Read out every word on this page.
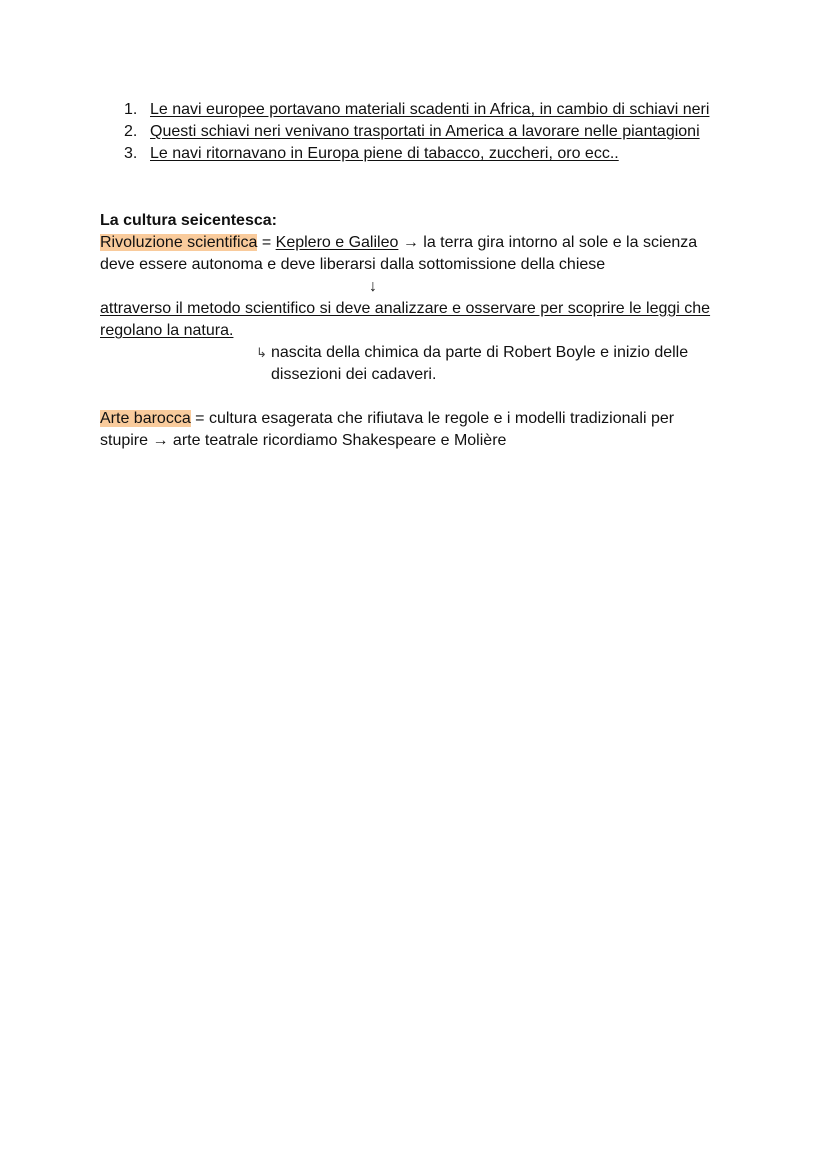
1. Le navi europee portavano materiali scadenti in Africa, in cambio di schiavi neri
2. Questi schiavi neri venivano trasportati in America a lavorare nelle piantagioni
3. Le navi ritornavano in Europa piene di tabacco, zuccheri, oro ecc..
La cultura seicentesca:
Rivoluzione scientifica = Keplero e Galileo → la terra gira intorno al sole e la scienza deve essere autonoma e deve liberarsi dalla sottomissione della chiese
↓
attraverso il metodo scientifico si deve analizzare e osservare per scoprire le leggi che regolano la natura.
↳ nascita della chimica da parte di Robert Boyle e inizio delle dissezioni dei cadaveri.
Arte barocca = cultura esagerata che rifiutava le regole e i modelli tradizionali per stupire → arte teatrale ricordiamo Shakespeare e Molière
